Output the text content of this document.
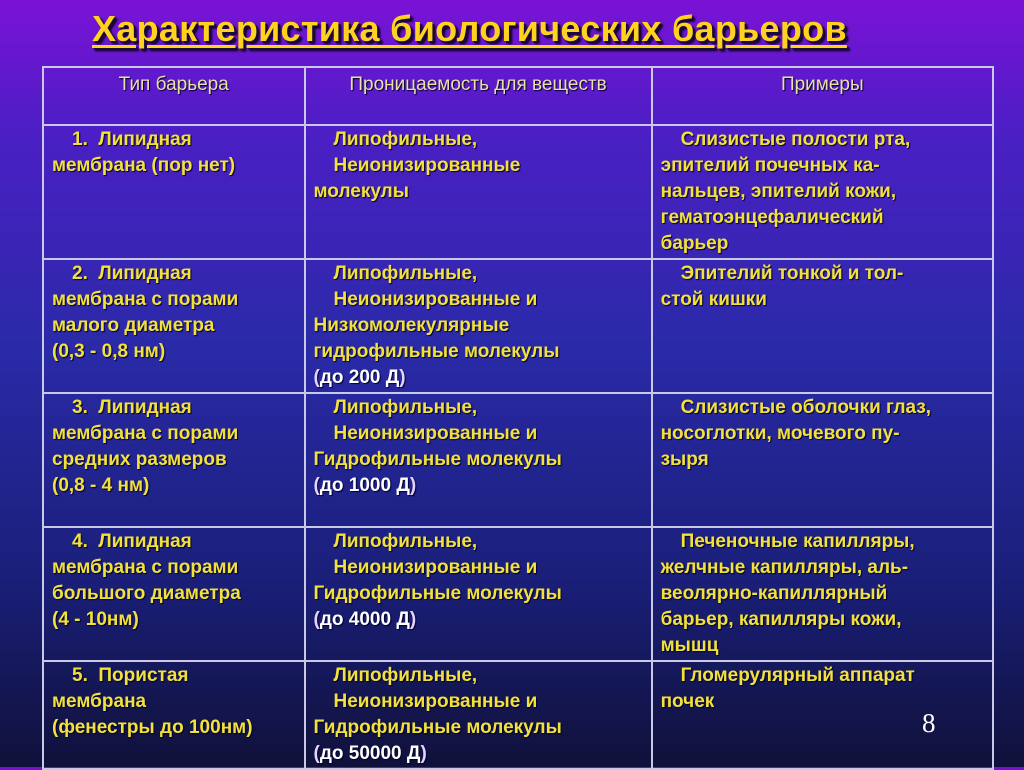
Характеристика биологических барьеров
Тип барьера	Проницаемость для веществ	Примеры

1.  Липидная
мембрана (пор нет)	Липофильные,
Неионизированные
молекулы	Слизистые полости рта,
эпителий почечных ка-
нальцев, эпителий кожи,
гематоэнцефалический
барьер

2.  Липидная
мембрана с порами
малого диаметра
(0,3 - 0,8 нм)	Липофильные,
Неионизированные и
Низкомолекулярные
гидрофильные молекулы
(до 200 Д)	Эпителий тонкой и тол-
стой кишки

3.  Липидная
мембрана с порами
средних размеров
(0,8 - 4 нм)	Липофильные,
Неионизированные и
Гидрофильные молекулы
(до 1000 Д)	Слизистые оболочки глаз,
носоглотки, мочевого пу-
зыря

4.  Липидная
мембрана с порами
большого диаметра
(4 - 10нм)	Липофильные,
Неионизированные и
Гидрофильные молекулы
(до 4000 Д)	Печеночные капилляры,
желчные капилляры, аль-
веолярно-капиллярный
барьер, капилляры кожи,
мышц

5.  Пористая
мембрана
(фенестры до 100нм)	Липофильные,
Неионизированные и
Гидрофильные молекулы
(до 50000 Д)	Гломерулярный аппарат
почек
8
